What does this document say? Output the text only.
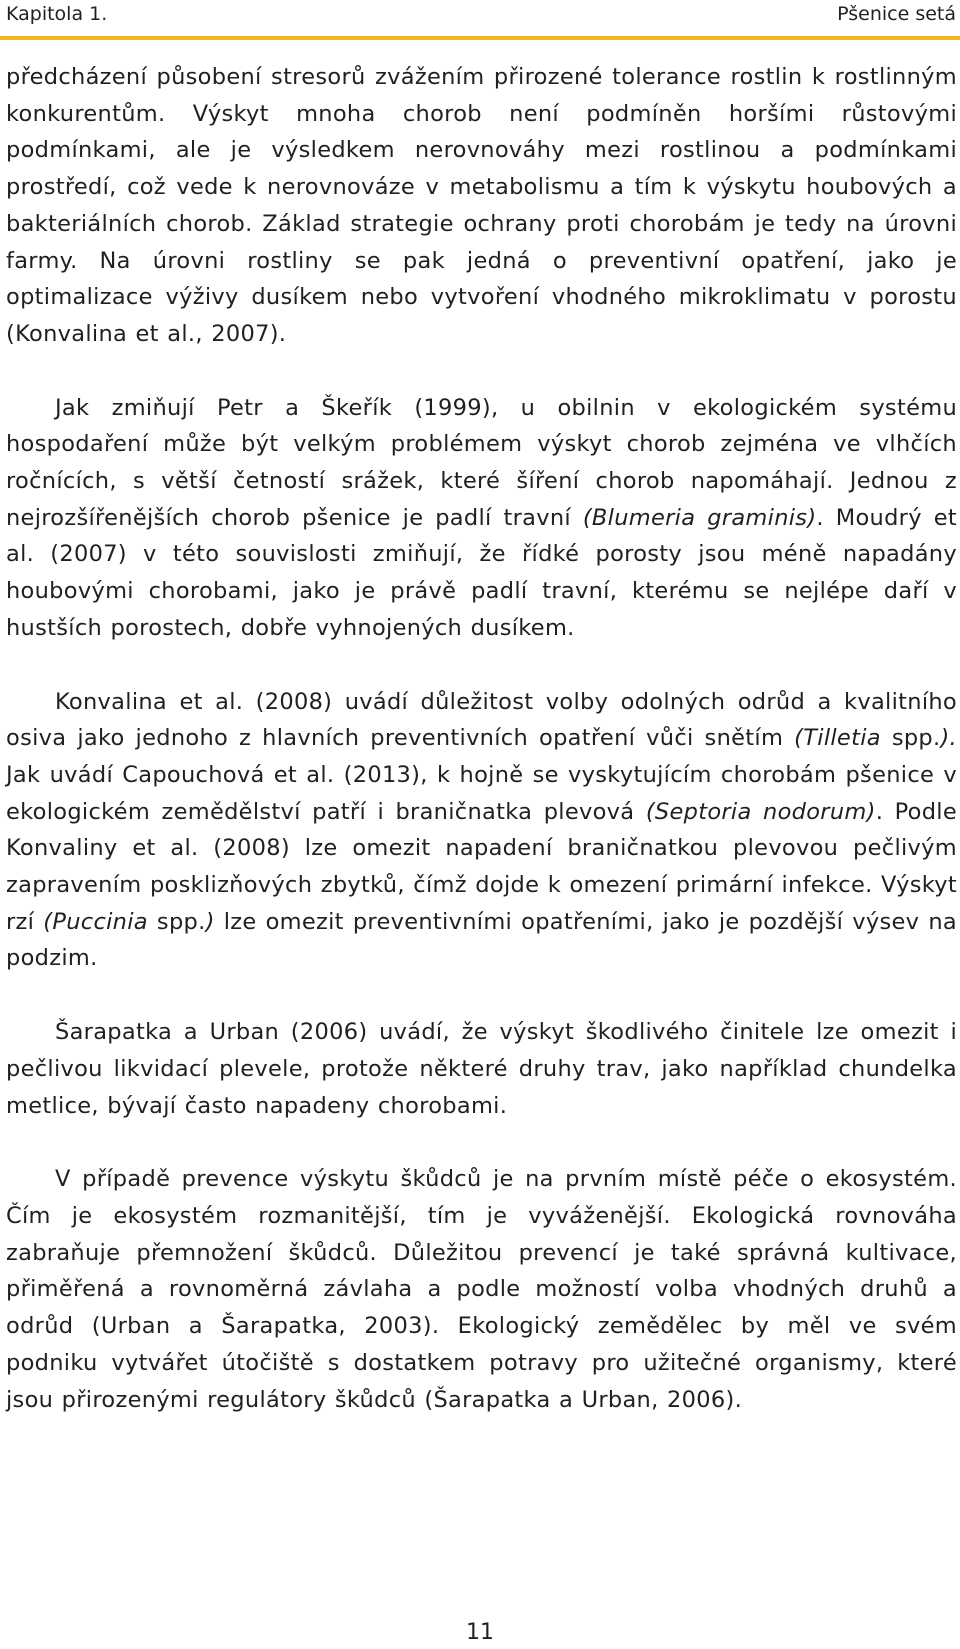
Kapitola 1.	Pšenice setá

předcházení působení stresorů zvážením přirozené tolerance rostlin k rostlinným konkurentům. Výskyt mnoha chorob není podmíněn horšími růstovými podmínkami, ale je výsledkem nerovnováhy mezi rostlinou a podmínkami prostředí, což vede k nerovnováze v metabolismu a tím k výskytu houbových a bakteriálních chorob. Základ strategie ochrany proti chorobám je tedy na úrovni farmy. Na úrovni rostliny se pak jedná o preventivní opatření, jako je optimalizace výživy dusíkem nebo vytvoření vhodného mikroklimatu v porostu (Konvalina et al., 2007).

Jak zmiňují Petr a Škeřík (1999), u obilnin v ekologickém systému hospodaření může být velkým problémem výskyt chorob zejména ve vlhčích ročnících, s větší četností srážek, které šíření chorob napomáhají. Jednou z nejrozšířenějších chorob pšenice je padlí travní (Blumeria graminis). Moudrý et al. (2007) v této souvislosti zmiňují, že řídké porosty jsou méně napadány houbovými chorobami, jako je právě padlí travní, kterému se nejlépe daří v hustších porostech, dobře vyhnojených dusíkem.

Konvalina et al. (2008) uvádí důležitost volby odolných odrůd a kvalitního osiva jako jednoho z hlavních preventivních opatření vůči snětím (Tilletia spp.). Jak uvádí Capouchová et al. (2013), k hojně se vyskytujícím chorobám pšenice v ekologickém zemědělství patří i braničnatka plevová (Septoria nodorum). Podle Konvaliny et al. (2008) lze omezit napadení braničnatkou plevovou pečlivým zapravením posklizňových zbytků, čímž dojde k omezení primární infekce. Výskyt rzí (Puccinia spp.) lze omezit preventivními opatřeními, jako je pozdější výsev na podzim.

Šarapatka a Urban (2006) uvádí, že výskyt škodlivého činitele lze omezit i pečlivou likvidací plevele, protože některé druhy trav, jako například chundelka metlice, bývají často napadeny chorobami.

V případě prevence výskytu škůdců je na prvním místě péče o ekosystém. Čím je ekosystém rozmanitější, tím je vyváženější. Ekologická rovnováha zabraňuje přemnožení škůdců. Důležitou prevencí je také správná kultivace, přiměřená a rovnoměrná závlaha a podle možností volba vhodných druhů a odrůd (Urban a Šarapatka, 2003). Ekologický zemědělec by měl ve svém podniku vytvářet útočiště s dostatkem potravy pro užitečné organismy, které jsou přirozenými regulátory škůdců (Šarapatka a Urban, 2006).

11
